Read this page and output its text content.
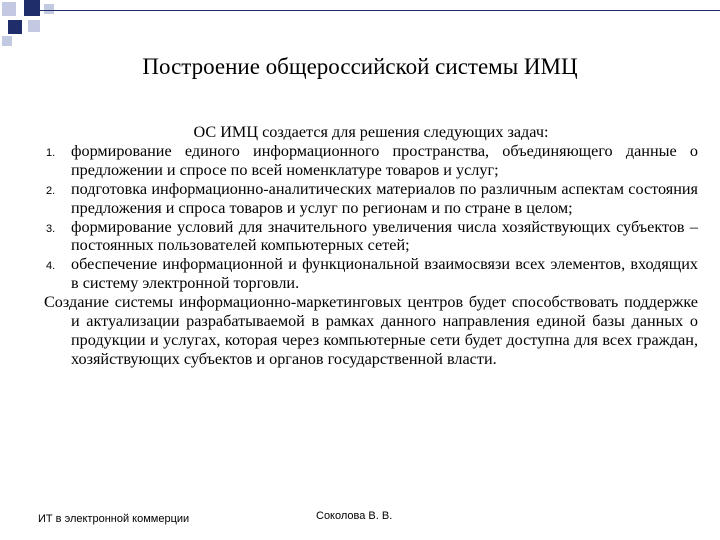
Построение общероссийской системы ИМЦ
ОС ИМЦ создается для решения следующих задач:
1. формирование единого информационного пространства, объединяющего данные о предложении и спросе по всей номенклатуре товаров и услуг;
2. подготовка информационно-аналитических материалов по различным аспектам состояния предложения и спроса товаров и услуг по регионам и по стране в целом;
3. формирование условий для значительного увеличения числа хозяйствующих субъектов – постоянных пользователей компьютерных сетей;
4. обеспечение информационной и функциональной взаимосвязи всех элементов, входящих в систему электронной торговли.
Создание системы информационно-маркетинговых центров будет способствовать поддержке и актуализации разрабатываемой в рамках данного направления единой базы данных о продукции и услугах, которая через компьютерные сети будет доступна для всех граждан, хозяйствующих субъектов и органов государственной власти.
ИТ в электронной коммерции	Соколова В. В.
